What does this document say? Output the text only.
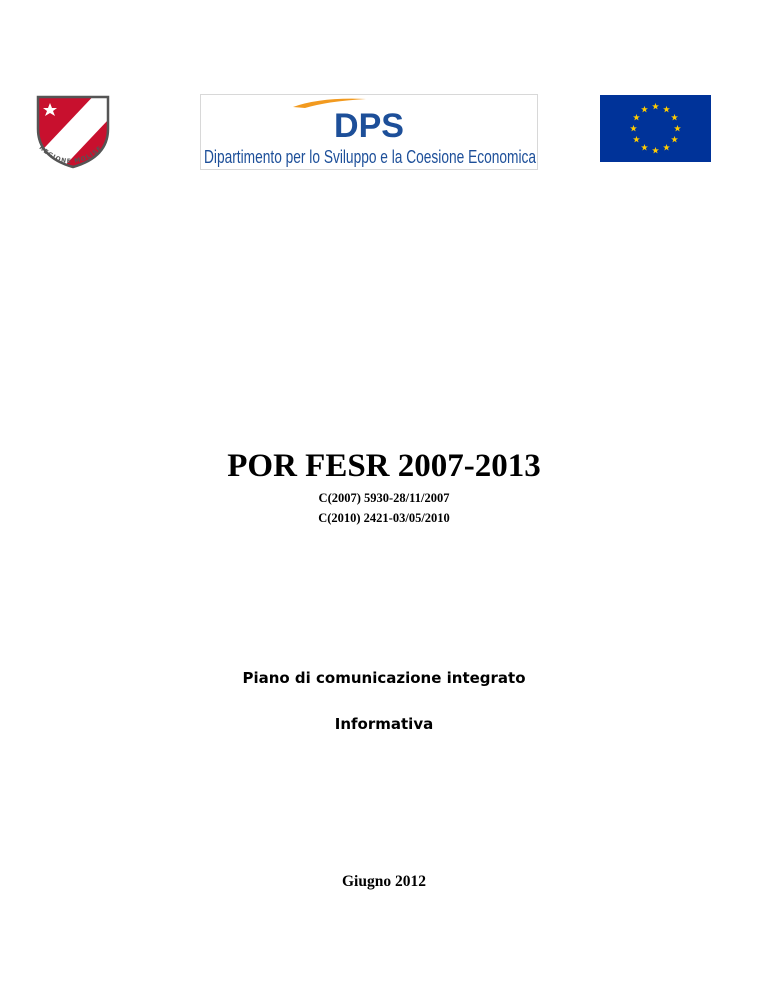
REGIONE MOLISE
DPS
Dipartimento per lo Sviluppo e la Coesione Economica
POR FESR 2007-2013
C(2007) 5930-28/11/2007
C(2010) 2421-03/05/2010
Piano di comunicazione integrato
Informativa
Giugno 2012
